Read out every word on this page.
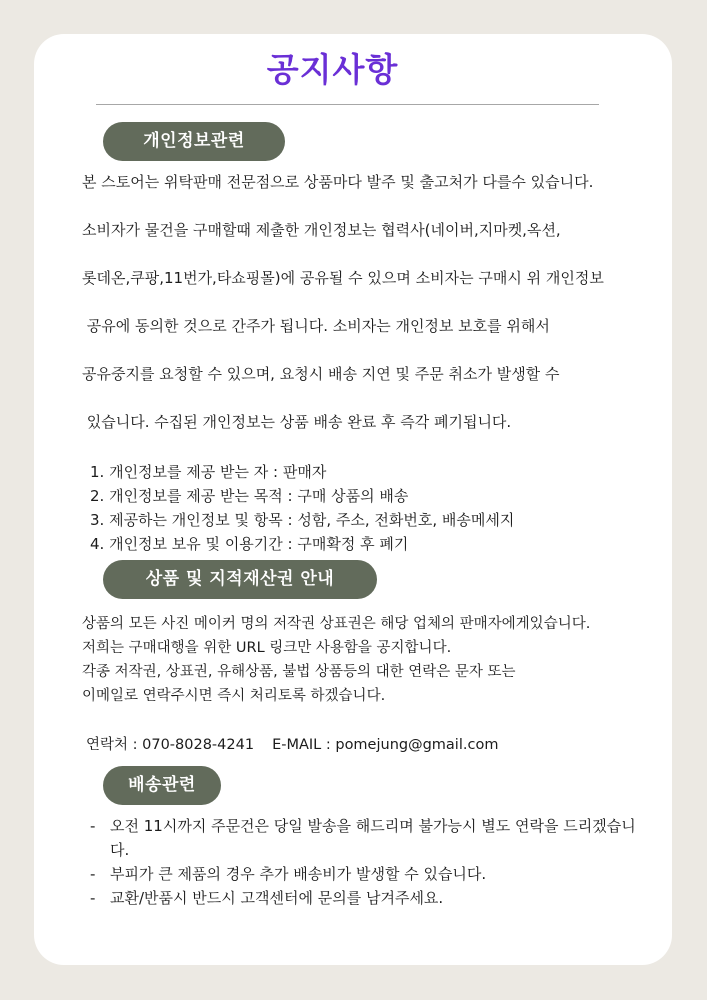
공지사항
개인정보관련
본 스토어는 위탁판매 전문점으로 상품마다 발주 및 출고처가 다를수 있습니다.
소비자가 물건을 구매할때 제출한 개인정보는 협력사(네이버,지마켓,옥션,
롯데온,쿠팡,11번가,타쇼핑몰)에 공유될 수 있으며 소비자는 구매시 위 개인정보
공유에 동의한 것으로 간주가 됩니다. 소비자는 개인정보 보호를 위해서
공유중지를 요청할 수 있으며, 요청시 배송 지연 및 주문 취소가 발생할 수
있습니다. 수집된 개인정보는 상품 배송 완료 후 즉각 폐기됩니다.
1. 개인정보를 제공 받는 자 : 판매자
2. 개인정보를 제공 받는 목적 : 구매 상품의 배송
3. 제공하는 개인정보 및 항목 : 성함, 주소, 전화번호, 배송메세지
4. 개인정보 보유 및 이용기간 : 구매확정 후 폐기
상품 및 지적재산권 안내
상품의 모든 사진 메이커 명의 저작권 상표권은 해당 업체의 판매자에게있습니다.
저희는 구매대행을 위한 URL 링크만 사용함을 공지합니다.
각종 저작권, 상표권, 유해상품, 불법 상품등의 대한 연락은 문자 또는
이메일로 연락주시면 즉시 처리토록 하겠습니다.
연락처 : 070-8028-4241 E-MAIL : pomejung@gmail.com
배송관련
- 오전 11시까지 주문건은 당일 발송을 해드리며 불가능시 별도 연락을 드리겠습니다.
- 부피가 큰 제품의 경우 추가 배송비가 발생할 수 있습니다.
- 교환/반품시 반드시 고객센터에 문의를 남겨주세요.
